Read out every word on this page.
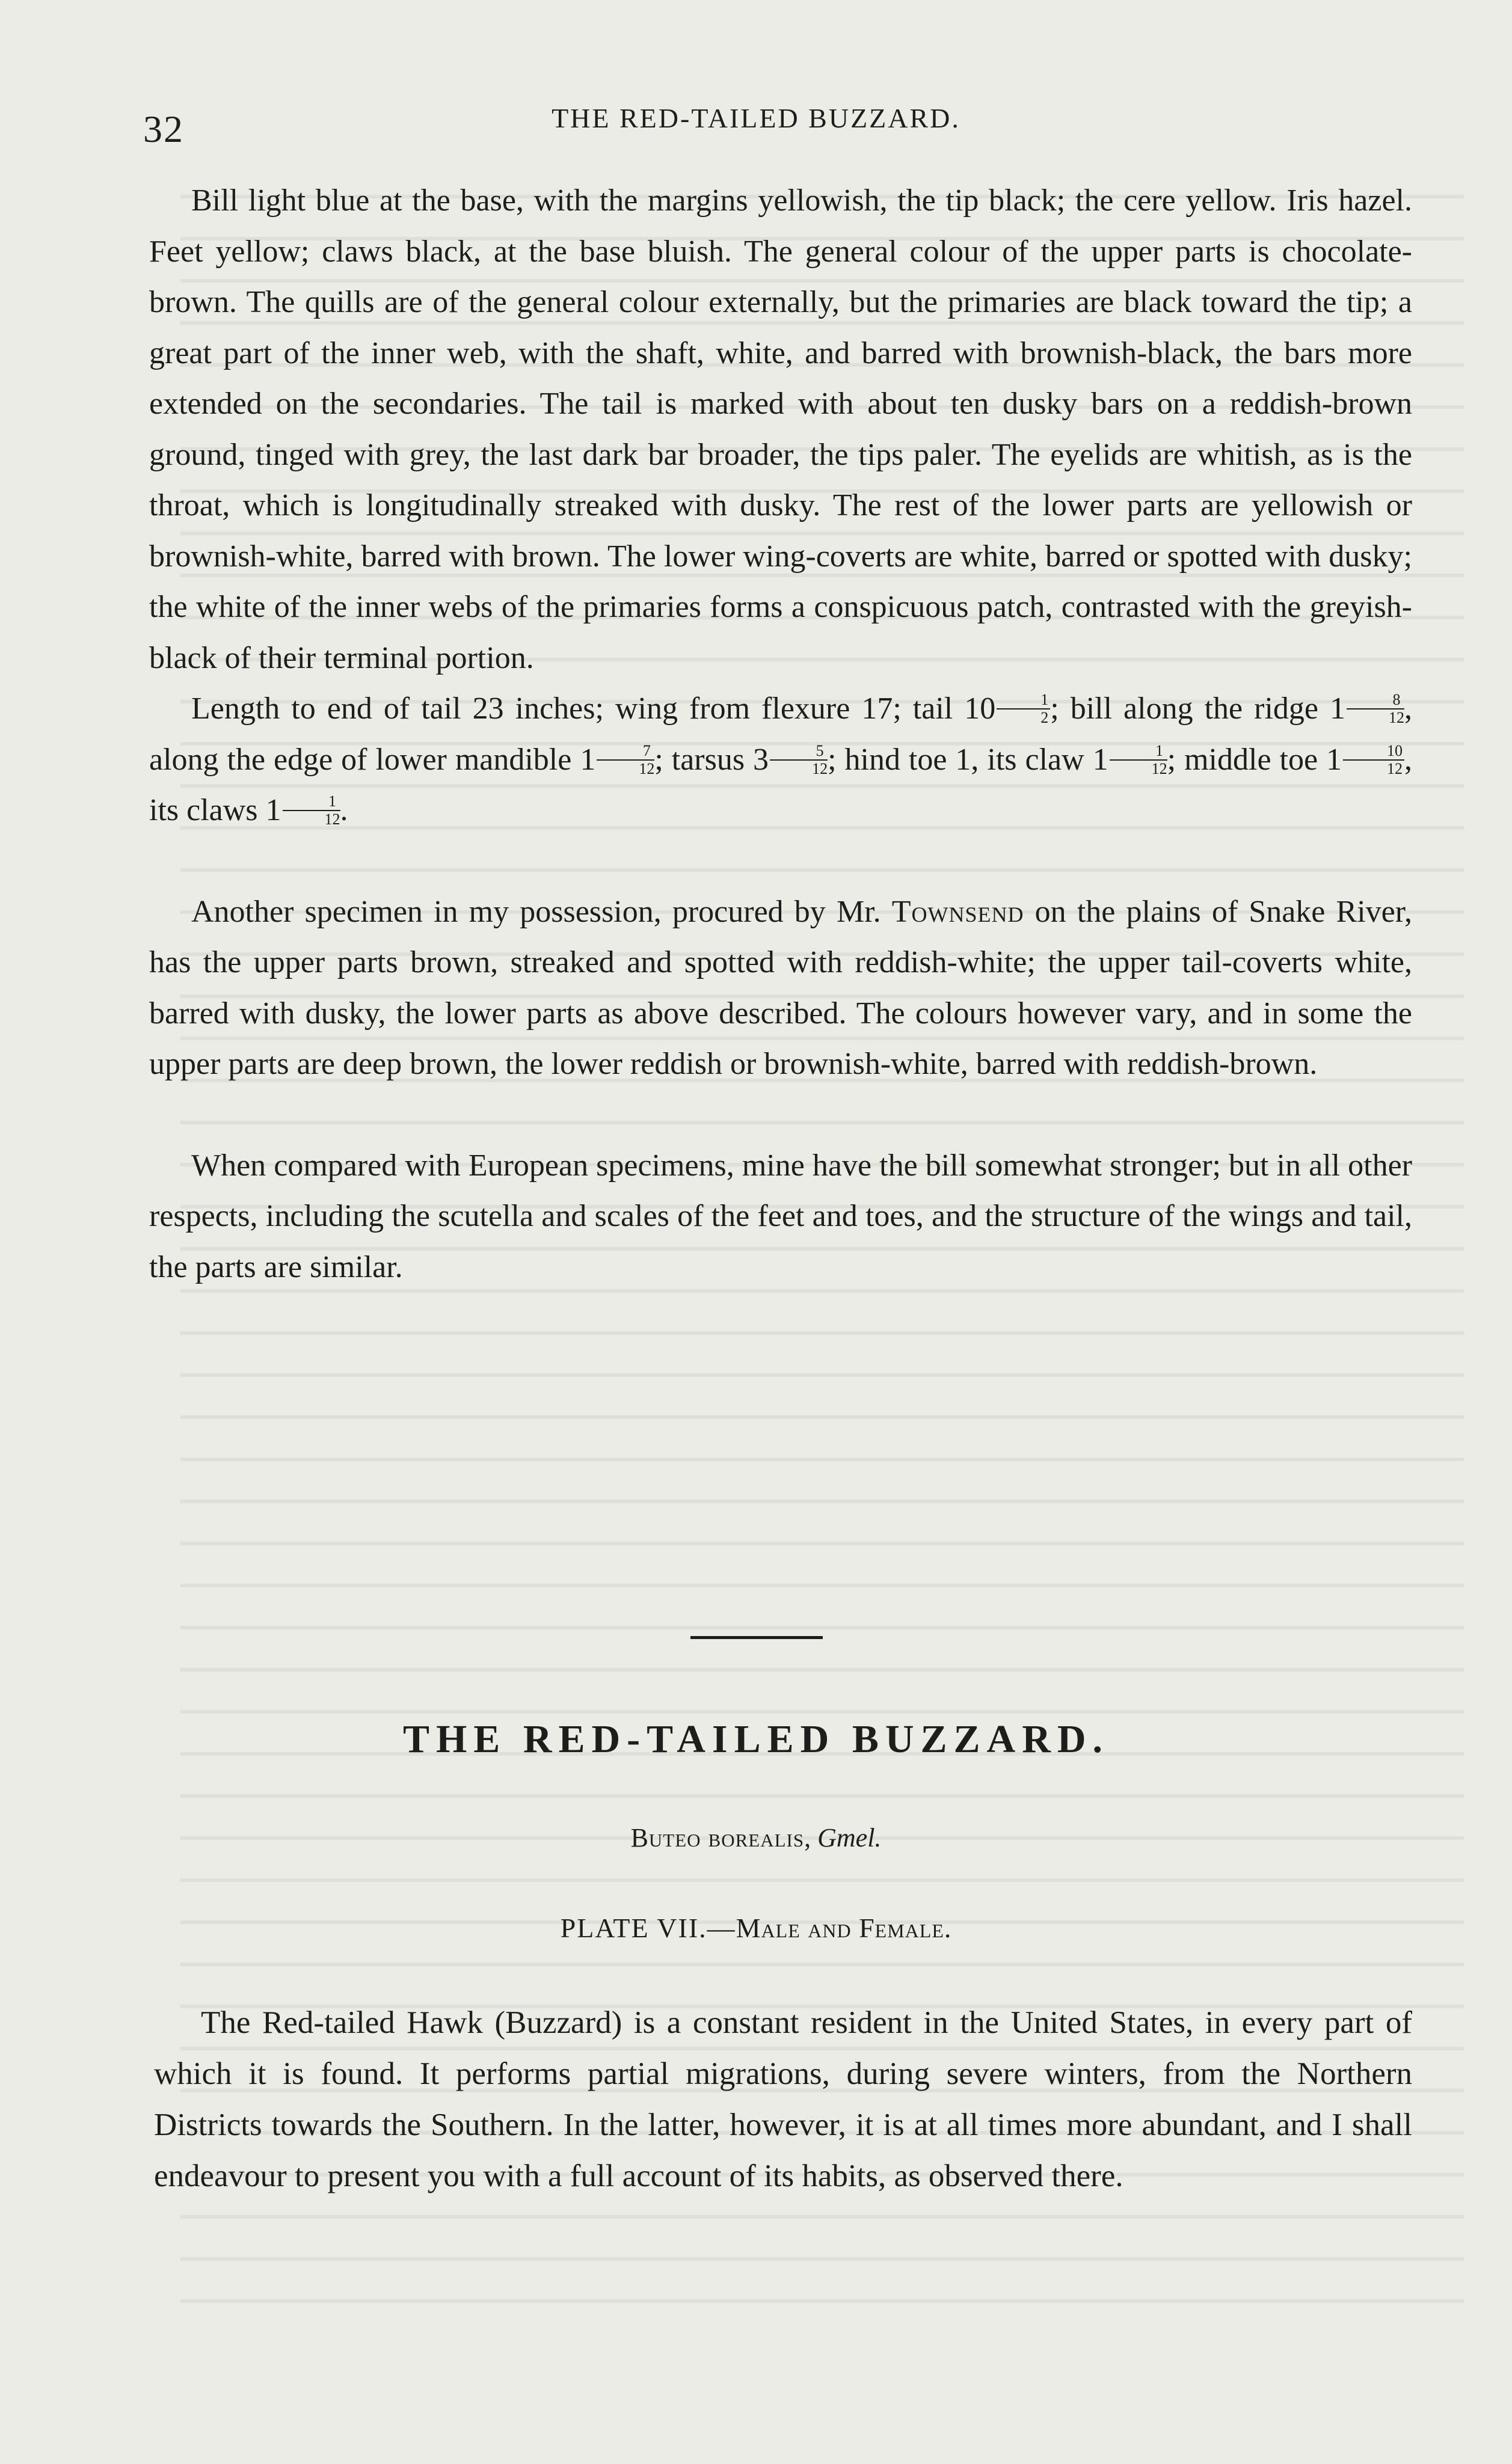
32	THE RED-TAILED BUZZARD.

Bill light blue at the base, with the margins yellowish, the tip black; the cere yellow. Iris hazel. Feet yellow; claws black, at the base bluish. The general colour of the upper parts is chocolate-brown. The quills are of the general colour externally, but the primaries are black toward the tip; a great part of the inner web, with the shaft, white, and barred with brownish-black, the bars more extended on the secondaries. The tail is marked with about ten dusky bars on a reddish-brown ground, tinged with grey, the last dark bar broader, the tips paler. The eyelids are whitish, as is the throat, which is longitudinally streaked with dusky. The rest of the lower parts are yellowish or brownish-white, barred with brown. The lower wing-coverts are white, barred or spotted with dusky; the white of the inner webs of the primaries forms a conspicuous patch, contrasted with the greyish-black of their terminal portion.

Length to end of tail 23 inches; wing from flexure 17; tail $10 \frac{1}{2}$ ; bill along the ridge $1 \frac{8}{12}$ , along the edge of lower mandible $1 \frac{7}{12}$ ; tarsus $3 \frac{5}{12}$ ; hind toe 1, its claw $1 \frac{1}{12}$ ; middle toe $1 \frac{10}{12}$ , its claws $1 \frac{1}{12}$ .

Another specimen in my possession, procured by Mr. Townsend on the plains of Snake River, has the upper parts brown, streaked and spotted with reddish-white; the upper tail-coverts white, barred with dusky, the lower parts as above described. The colours however vary, and in some the upper parts are deep brown, the lower reddish or brownish-white, barred with reddish-brown.

When compared with European specimens, mine have the bill somewhat stronger; but in all other respects, including the scutella and scales of the feet and toes, and the structure of the wings and tail, the parts are similar.

THE RED-TAILED BUZZARD.
Buteo borealis, Gmel.
PLATE VII.—Male and Female.

The Red-tailed Hawk (Buzzard) is a constant resident in the United States, in every part of which it is found. It performs partial migrations, during severe winters, from the Northern Districts towards the Southern. In the latter, however, it is at all times more abundant, and I shall endeavour to present you with a full account of its habits, as observed there.
